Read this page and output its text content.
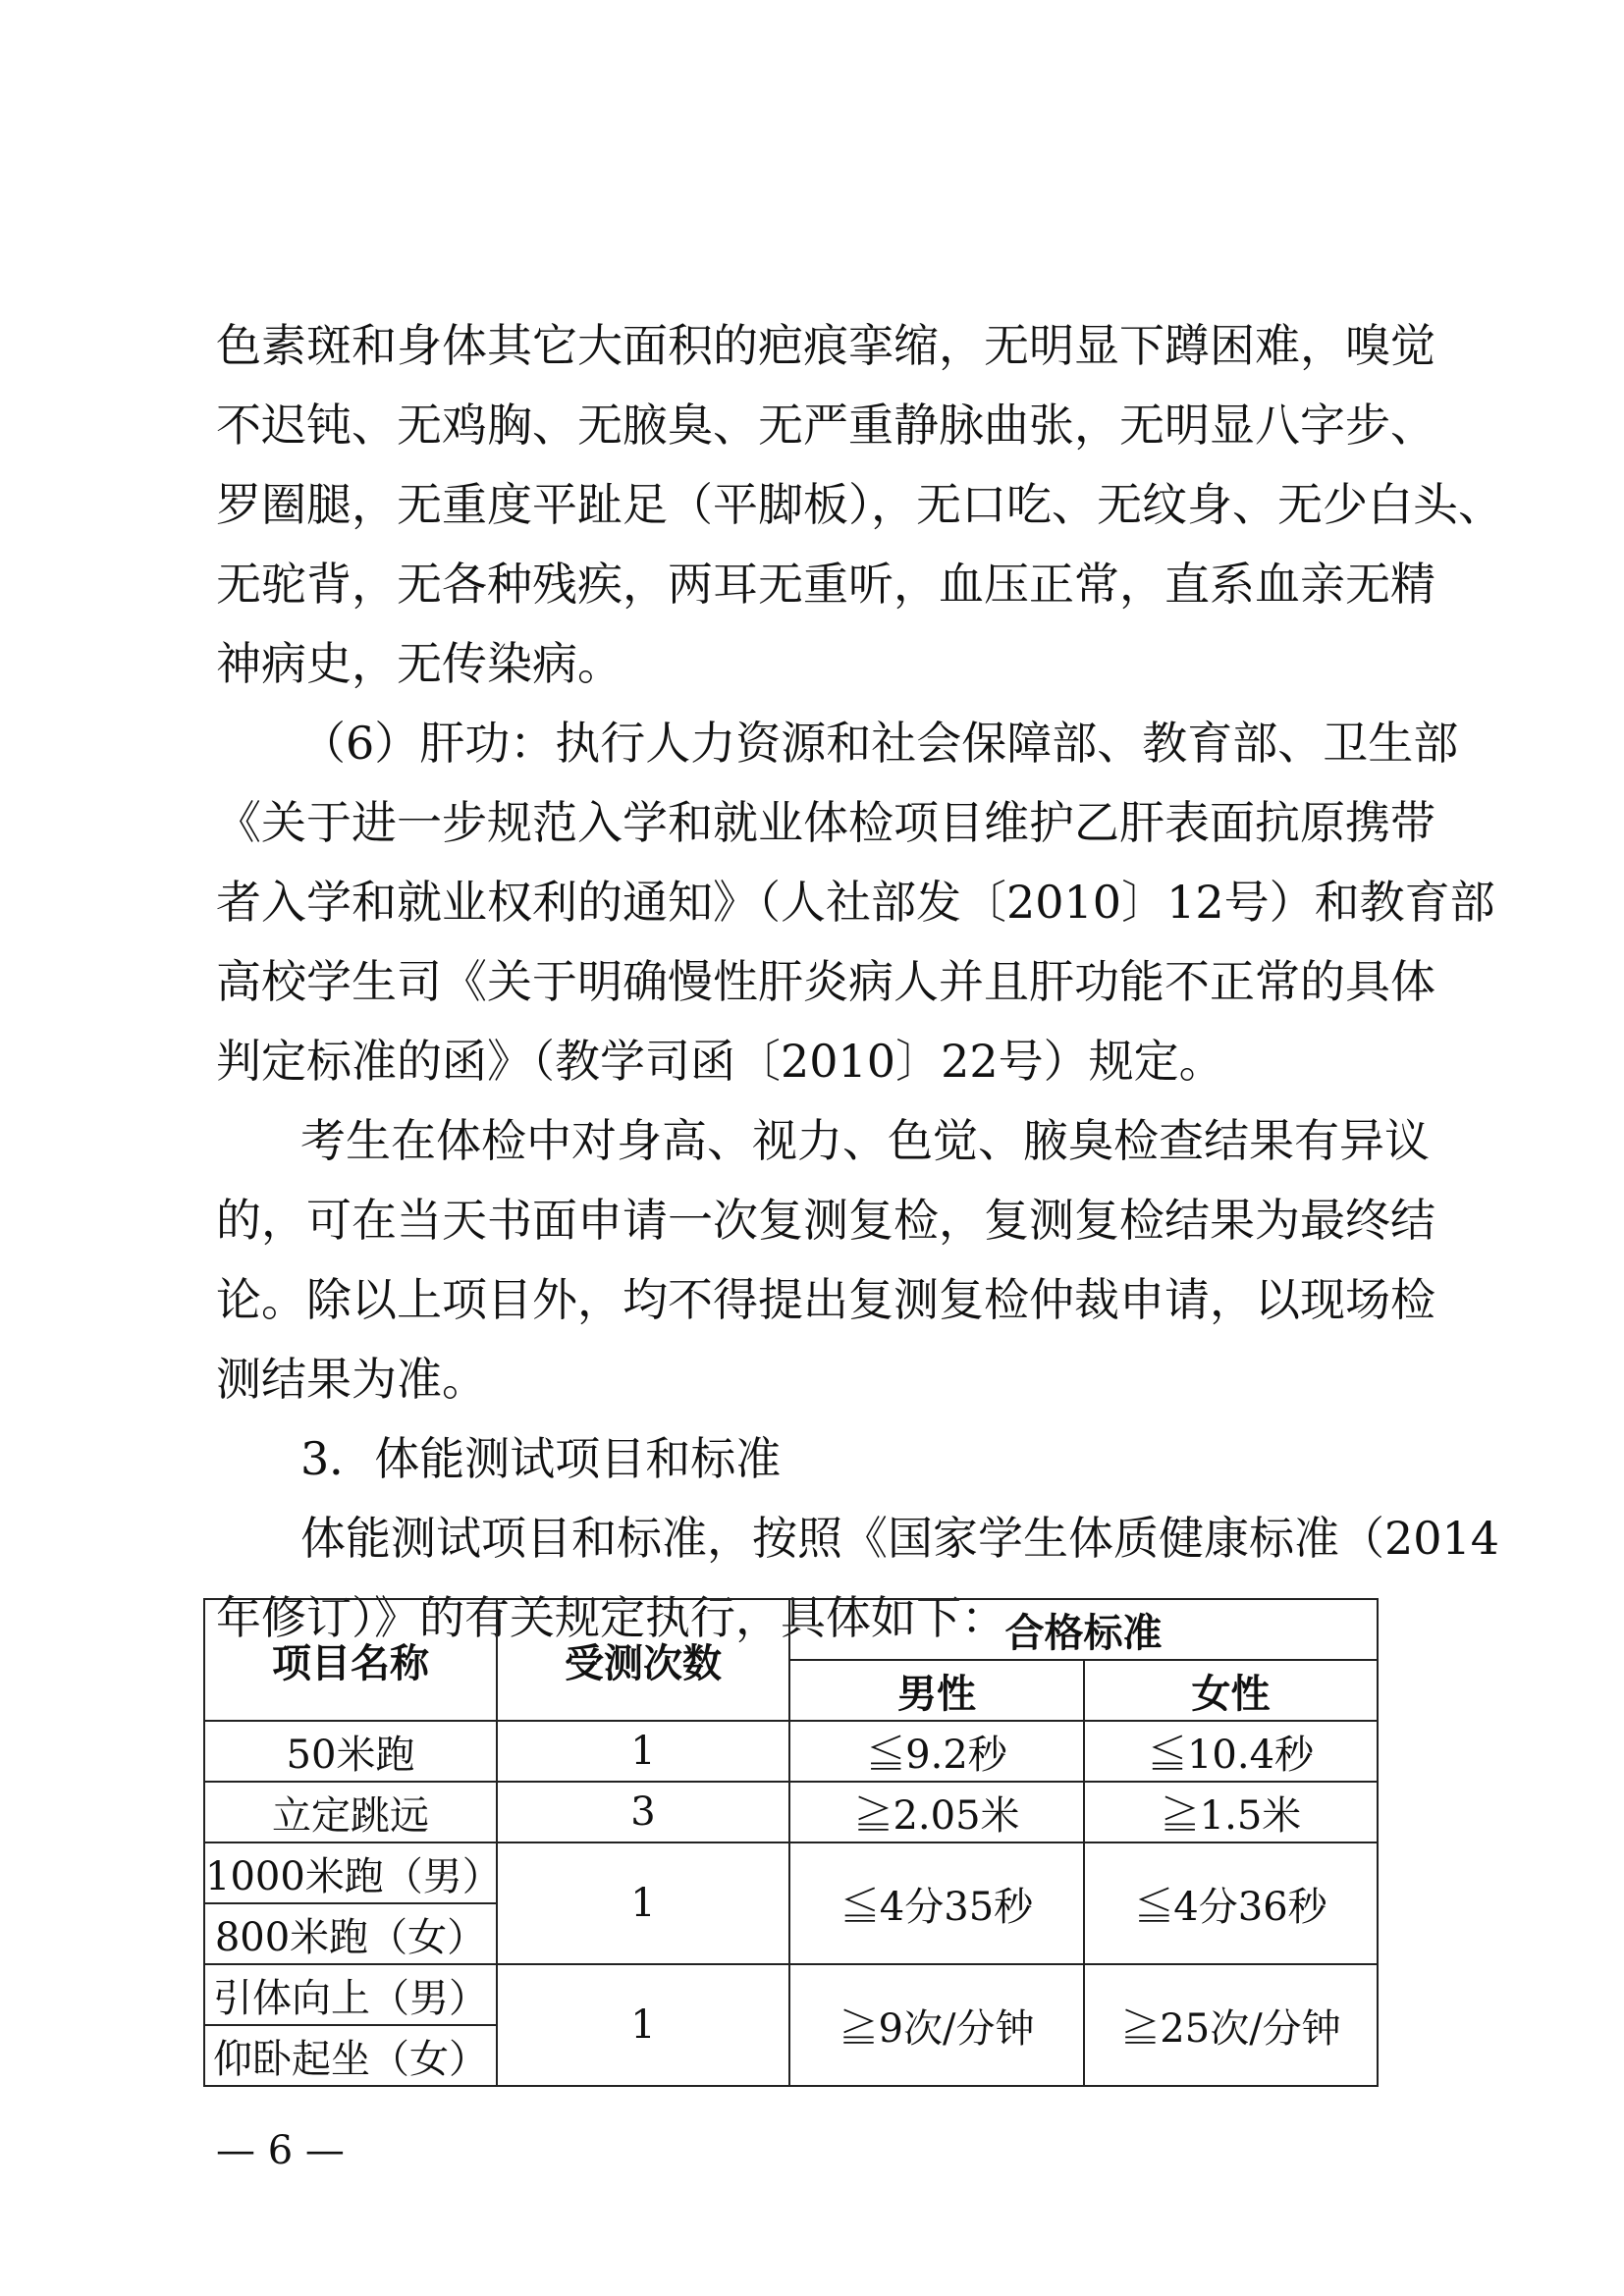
色素斑和身体其它大面积的疤痕挛缩，无明显下蹲困难，嗅觉
不迟钝、无鸡胸、无腋臭、无严重静脉曲张，无明显八字步、
罗圈腿，无重度平趾足（平脚板），无口吃、无纹身、无少白头、
无驼背，无各种残疾，两耳无重听，血压正常，直系血亲无精
神病史，无传染病。
（6）肝功：执行人力资源和社会保障部、教育部、卫生部
《关于进一步规范入学和就业体检项目维护乙肝表面抗原携带
者入学和就业权利的通知》（人社部发〔2010〕12号）和教育部
高校学生司《关于明确慢性肝炎病人并且肝功能不正常的具体
判定标准的函》（教学司函〔2010〕22号）规定。
考生在体检中对身高、视力、色觉、腋臭检查结果有异议
的，可在当天书面申请一次复测复检，复测复检结果为最终结
论。除以上项目外，均不得提出复测复检仲裁申请，以现场检
测结果为准。
3．体能测试项目和标准
体能测试项目和标准，按照《国家学生体质健康标准（2014
年修订）》的有关规定执行，具体如下：
项目名称	受测次数	合格标准	
		男性	女性
50米跑	1	≦9.2秒	≦10.4秒
立定跳远	3	≧2.05米	≧1.5米
1000米跑（男）	1	≦4分35秒	≦4分36秒
800米跑（女）			
引体向上（男）	1	≧9次/分钟	≧25次/分钟
仰卧起坐（女）			
— 6 —
